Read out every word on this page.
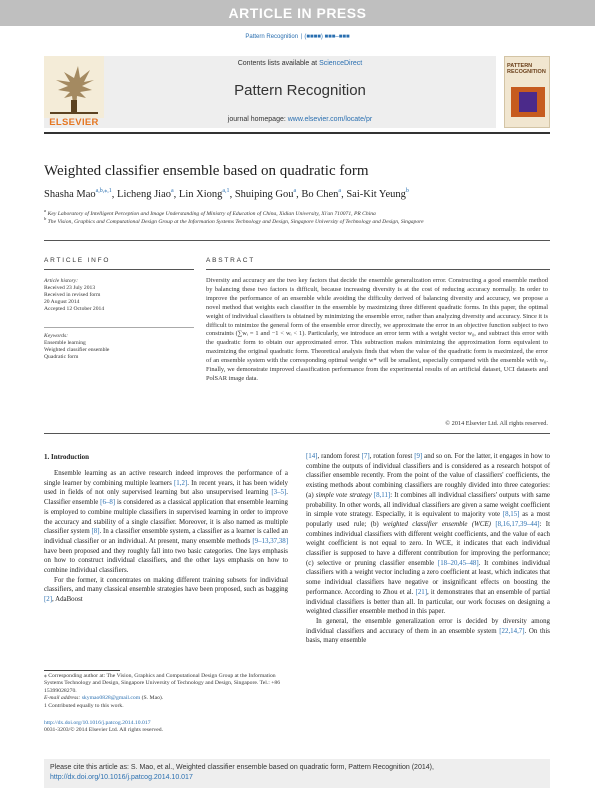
ARTICLE IN PRESS
Pattern Recognition ∣ (■■■■) ■■■–■■■
ELSEVIER
Contents lists available at ScienceDirect
Pattern Recognition
journal homepage: www.elsevier.com/locate/pr
PATTERN RECOGNITION
Weighted classifier ensemble based on quadratic form
Shasha Mao$^{a,b,⁎,1}$, Licheng Jiao$^a$, Lin Xiong$^{a,1}$, Shuiping Gou$^a$, Bo Chen$^a$, Sai-Kit Yeung$^b$
$^a$ Key Laboratory of Intelligent Perception and Image Understanding of Ministry of Education of China, Xidian University, Xi'an 710071, PR China
$^b$ The Vision, Graphics and Computational Design Group at the Information Systems Technology and Design, Singapore University of Technology and Design, Singapore
ARTICLE INFO	ABSTRACT
Article history:
Received 23 July 2013
Received in revised form
20 August 2014
Accepted 12 October 2014
Keywords:
Ensemble learning
Weighted classifier ensemble
Quadratic form
Diversity and accuracy are the two key factors that decide the ensemble generalization error. Constructing a good ensemble method by balancing these two factors is difficult, because increasing diversity is at the cost of reducing accuracy normally. In order to improve the performance of an ensemble while avoiding the difficulty derived of balancing diversity and accuracy, we propose a novel method that weights each classifier in the ensemble by maximizing three different quadratic forms. In this paper, the optimal weight of individual classifiers is obtained by minimizing the ensemble error, rather than analyzing diversity and accuracy. Since it is difficult to minimize the general form of the ensemble error directly, we approximate the error in an objective function subject to two constraints (∑wᵢ = 1 and −1 < wᵢ < 1). Particularly, we introduce an error term with a weight vector w₀, and subtract this error with the quadratic form to obtain our approximated error. This subtraction makes minimizing the approximation form equivalent to maximizing the original quadratic form. Theoretical analysis finds that when the value of the quadratic form is maximized, the error of an ensemble system with the corresponding optimal weight w* will be smallest, especially compared with the ensemble with w₀. Finally, we demonstrate improved classification performance from the experimental results of an artificial dataset, UCI datasets and PolSAR image data.
© 2014 Elsevier Ltd. All rights reserved.
1. Introduction

Ensemble learning as an active research indeed improves the performance of a single learner by combining multiple learners [1,2]. In recent years, it has been widely used in fields of not only supervised learning but also unsupervised learning [3–5]. Classifier ensemble [6–8] is considered as a classical application that ensemble learning is employed to combine multiple classifiers in supervised learning in order to improve the accuracy and stability of a single classifier. Moreover, it is also named as multiple classifier system [8]. In a classifier ensemble system, a classifier as a learner is called an individual classifier or an individual. At present, many ensemble methods [9–13,37,38] have been proposed and they roughly fall into two basic categories. One lays emphasis on how to construct individual classifiers, and the other lays emphasis on how to combine individual classifiers.

For the former, it concentrates on making different training subsets for individual classifiers, and many classical ensemble strategies have been proposed, such as bagging [2], AdaBoost

[14], random forest [7], rotation forest [9] and so on. For the latter, it engages in how to combine the outputs of individual classifiers and is considered as a research hotspot of classifier ensemble recently. From the point of the value of classifiers' coefficients, the existing methods about combining classifiers are roughly divided into three categories: (a) simple vote strategy [8,11]: It combines all individual classifiers' outputs with same probability. In other words, all individual classifiers are given a same weight coefficient in simple vote strategy. Especially, it is equivalent to majority vote [8,15] as a most popularly used rule; (b) weighted classifier ensemble (WCE) [8,16,17,39–44]: It combines individual classifiers with different weight coefficients, and the value of each weight coefficient is not equal to zero. In WCE, it indicates that each individual classifier is supposed to have a different contribution for improving the performance; (c) selective or pruning classifier ensemble [18–20,45–48]. It combines individual classifiers with a weight vector including a zero coefficient at least, which indicates that some individual classifiers have negative or insignificant effects on boosting the performance. According to Zhou et al. [21], it demonstrates that an ensemble of partial individual classifiers is better than all. In particular, our work focuses on designing a weighted classifier ensemble method in this paper.

In general, the ensemble generalization error is decided by diversity among individual classifiers and accuracy of them in an ensemble system [22,14,7]. On this basis, many ensemble

⁎ Corresponding author at: The Vision, Graphics and Computational Design Group at the Information Systems Technology and Design, Singapore University of Technology and Design, Singapore. Tel.: +86 15399028270.
E-mail address: skymao0828@gmail.com (S. Mao).
1 Contributed equally to this work.
http://dx.doi.org/10.1016/j.patcog.2014.10.017
0031-3203/© 2014 Elsevier Ltd. All rights reserved.
Please cite this article as: S. Mao, et al., Weighted classifier ensemble based on quadratic form, Pattern Recognition (2014), http://dx.doi.org/10.1016/j.patcog.2014.10.017
